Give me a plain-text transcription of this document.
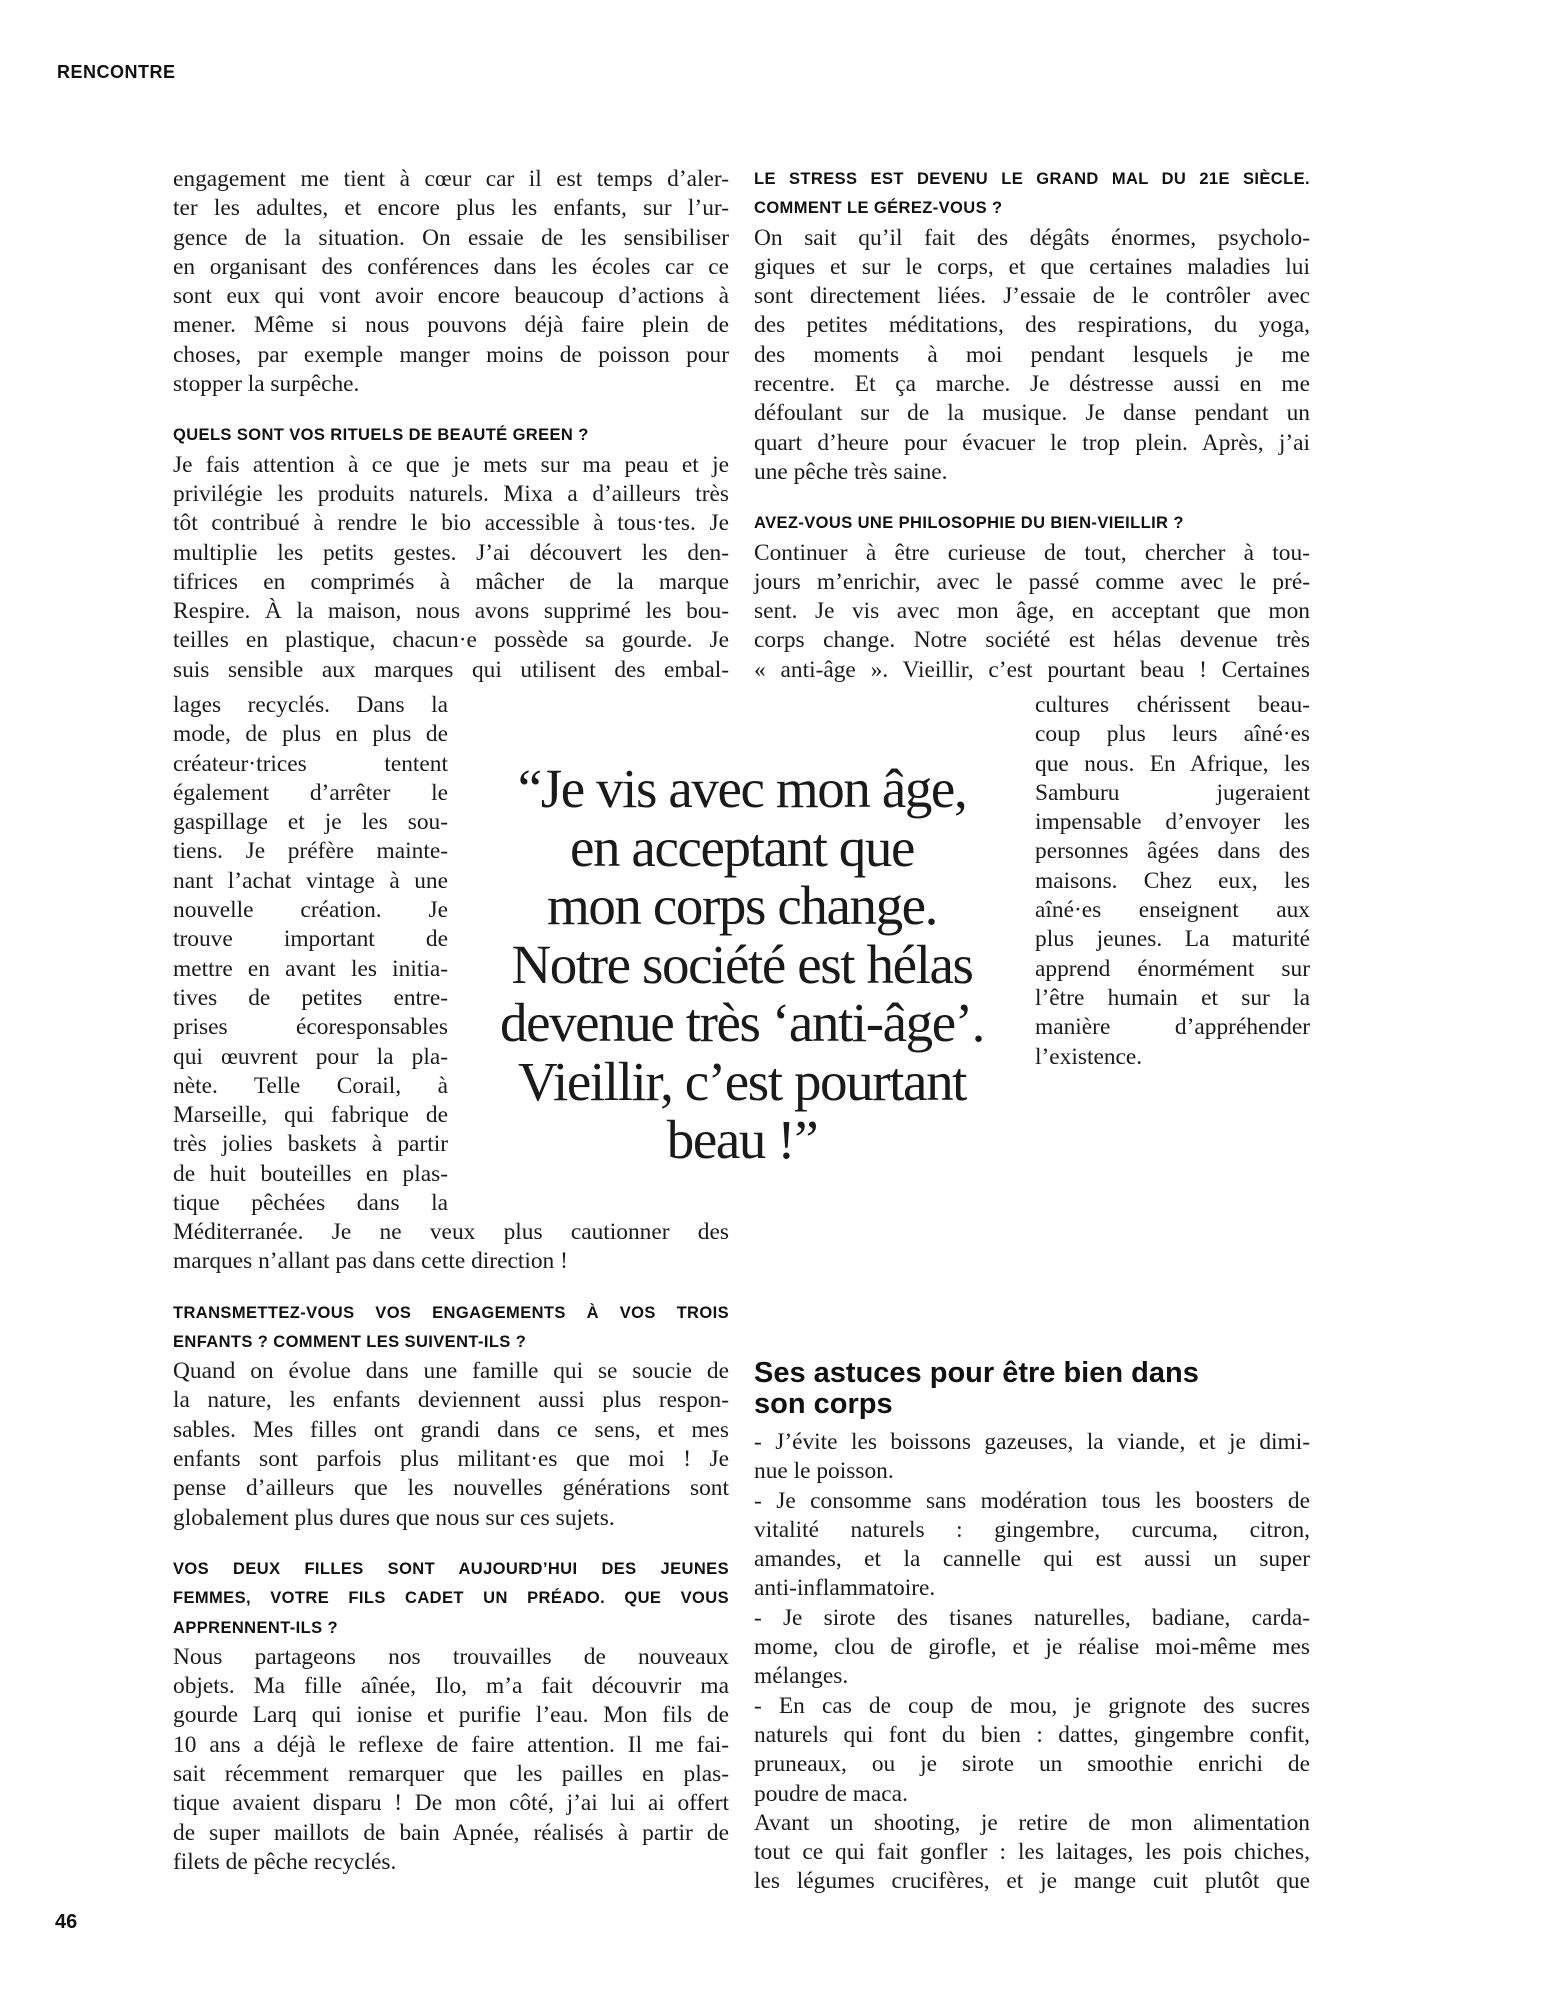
RENCONTRE
engagement me tient à cœur car il est temps d’aler-
ter les adultes, et encore plus les enfants, sur l’ur-
gence de la situation. On essaie de les sensibiliser
en organisant des conférences dans les écoles car ce
sont eux qui vont avoir encore beaucoup d’actions à
mener. Même si nous pouvons déjà faire plein de
choses, par exemple manger moins de poisson pour
stopper la surpêche.
QUELS SONT VOS RITUELS DE BEAUTÉ GREEN ?
Je fais attention à ce que je mets sur ma peau et je
privilégie les produits naturels. Mixa a d’ailleurs très
tôt contribué à rendre le bio accessible à tous·tes. Je
multiplie les petits gestes. J’ai découvert les den-
tifrices en comprimés à mâcher de la marque
Respire. À la maison, nous avons supprimé les bou-
teilles en plastique, chacun·e possède sa gourde. Je
suis sensible aux marques qui utilisent des embal-
lages recyclés. Dans la
mode, de plus en plus de
créateur·trices tentent
également d’arrêter le
gaspillage et je les sou-
tiens. Je préfère mainte-
nant l’achat vintage à une
nouvelle création. Je
trouve important de
mettre en avant les initia-
tives de petites entre-
prises écoresponsables
qui œuvrent pour la pla-
nète. Telle Corail, à
Marseille, qui fabrique de
très jolies baskets à partir
de huit bouteilles en plas-
tique pêchées dans la
Méditerranée. Je ne veux plus cautionner des
marques n’allant pas dans cette direction !
TRANSMETTEZ-VOUS VOS ENGAGEMENTS À VOS TROIS
ENFANTS ? COMMENT LES SUIVENT-ILS ?
Quand on évolue dans une famille qui se soucie de
la nature, les enfants deviennent aussi plus respon-
sables. Mes filles ont grandi dans ce sens, et mes
enfants sont parfois plus militant·es que moi ! Je
pense d’ailleurs que les nouvelles générations sont
globalement plus dures que nous sur ces sujets.
VOS DEUX FILLES SONT AUJOURD’HUI DES JEUNES
FEMMES, VOTRE FILS CADET UN PRÉADO. QUE VOUS
APPRENNENT-ILS ?
Nous partageons nos trouvailles de nouveaux
objets. Ma fille aînée, Ilo, m’a fait découvrir ma
gourde Larq qui ionise et purifie l’eau. Mon fils de
10 ans a déjà le reflexe de faire attention. Il me fai-
sait récemment remarquer que les pailles en plas-
tique avaient disparu ! De mon côté, j’ai lui ai offert
de super maillots de bain Apnée, réalisés à partir de
filets de pêche recyclés.
LE STRESS EST DEVENU LE GRAND MAL DU 21E SIÈCLE.
COMMENT LE GÉREZ-VOUS ?
On sait qu’il fait des dégâts énormes, psycholo-
giques et sur le corps, et que certaines maladies lui
sont directement liées. J’essaie de le contrôler avec
des petites méditations, des respirations, du yoga,
des moments à moi pendant lesquels je me
recentre. Et ça marche. Je déstresse aussi en me
défoulant sur de la musique. Je danse pendant un
quart d’heure pour évacuer le trop plein. Après, j’ai
une pêche très saine.
AVEZ-VOUS UNE PHILOSOPHIE DU BIEN-VIEILLIR ?
Continuer à être curieuse de tout, chercher à tou-
jours m’enrichir, avec le passé comme avec le pré-
sent. Je vis avec mon âge, en acceptant que mon
corps change. Notre société est hélas devenue très
« anti-âge ». Vieillir, c’est pourtant beau ! Certaines
cultures chérissent beau-
coup plus leurs aîné·es
que nous. En Afrique, les
Samburu jugeraient
impensable d’envoyer les
personnes âgées dans des
maisons. Chez eux, les
aîné·es enseignent aux
plus jeunes. La maturité
apprend énormément sur
l’être humain et sur la
manière d’appréhender
l’existence.
“Je vis avec mon âge,
en acceptant que
mon corps change.
Notre société est hélas
devenue très ‘anti-âge’.
Vieillir, c’est pourtant
beau !”
Ses astuces pour être bien dans
son corps
- J’évite les boissons gazeuses, la viande, et je dimi-
nue le poisson.
- Je consomme sans modération tous les boosters de
vitalité naturels : gingembre, curcuma, citron,
amandes, et la cannelle qui est aussi un super
anti-inflammatoire.
- Je sirote des tisanes naturelles, badiane, carda-
mome, clou de girofle, et je réalise moi-même mes
mélanges.
- En cas de coup de mou, je grignote des sucres
naturels qui font du bien : dattes, gingembre confit,
pruneaux, ou je sirote un smoothie enrichi de
poudre de maca.
Avant un shooting, je retire de mon alimentation
tout ce qui fait gonfler : les laitages, les pois chiches,
les légumes crucifères, et je mange cuit plutôt que
46
